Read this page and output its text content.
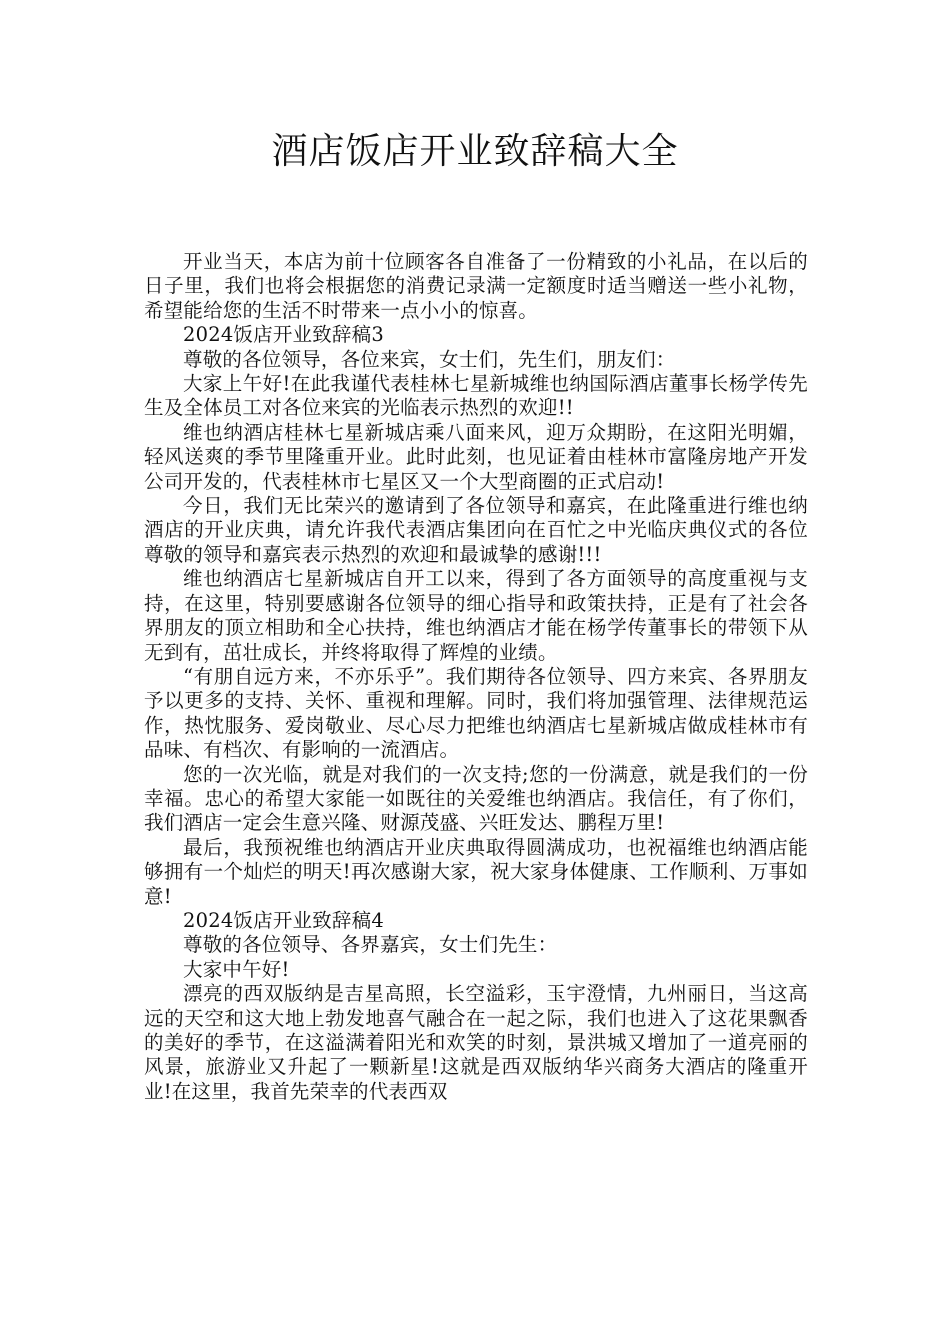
酒店饭店开业致辞稿大全

开业当天，本店为前十位顾客各自准备了一份精致的小礼品，在以后的日子里，我们也将会根据您的消费记录满一定额度时适当赠送一些小礼物，希望能给您的生活不时带来一点小小的惊喜。

2024饭店开业致辞稿3

尊敬的各位领导，各位来宾，女士们，先生们，朋友们：

大家上午好!在此我谨代表桂林七星新城维也纳国际酒店董事长杨学传先生及全体员工对各位来宾的光临表示热烈的欢迎!!

维也纳酒店桂林七星新城店乘八面来风，迎万众期盼，在这阳光明媚，轻风送爽的季节里隆重开业。此时此刻，也见证着由桂林市富隆房地产开发公司开发的，代表桂林市七星区又一个大型商圈的正式启动!

今日，我们无比荣兴的邀请到了各位领导和嘉宾，在此隆重进行维也纳酒店的开业庆典，请允许我代表酒店集团向在百忙之中光临庆典仪式的各位尊敬的领导和嘉宾表示热烈的欢迎和最诚挚的感谢!!!

维也纳酒店七星新城店自开工以来，得到了各方面领导的高度重视与支持，在这里，特别要感谢各位领导的细心指导和政策扶持，正是有了社会各界朋友的顶立相助和全心扶持，维也纳酒店才能在杨学传董事长的带领下从无到有，茁壮成长，并终将取得了辉煌的业绩。

“有朋自远方来，不亦乐乎”。我们期待各位领导、四方来宾、各界朋友予以更多的支持、关怀、重视和理解。同时，我们将加强管理、法律规范运作，热忱服务、爱岗敬业、尽心尽力把维也纳酒店七星新城店做成桂林市有品味、有档次、有影响的一流酒店。

您的一次光临，就是对我们的一次支持;您的一份满意，就是我们的一份幸福。忠心的希望大家能一如既往的关爱维也纳酒店。我信任，有了你们，我们酒店一定会生意兴隆、财源茂盛、兴旺发达、鹏程万里!

最后，我预祝维也纳酒店开业庆典取得圆满成功，也祝福维也纳酒店能够拥有一个灿烂的明天!再次感谢大家，祝大家身体健康、工作顺利、万事如意!

2024饭店开业致辞稿4

尊敬的各位领导、各界嘉宾，女士们先生：

大家中午好!

漂亮的西双版纳是吉星高照，长空溢彩，玉宇澄情，九州丽日，当这高远的天空和这大地上勃发地喜气融合在一起之际，我们也进入了这花果飘香的美好的季节，在这溢满着阳光和欢笑的时刻，景洪城又增加了一道亮丽的风景，旅游业又升起了一颗新星!这就是西双版纳华兴商务大酒店的隆重开业!在这里，我首先荣幸的代表西双
